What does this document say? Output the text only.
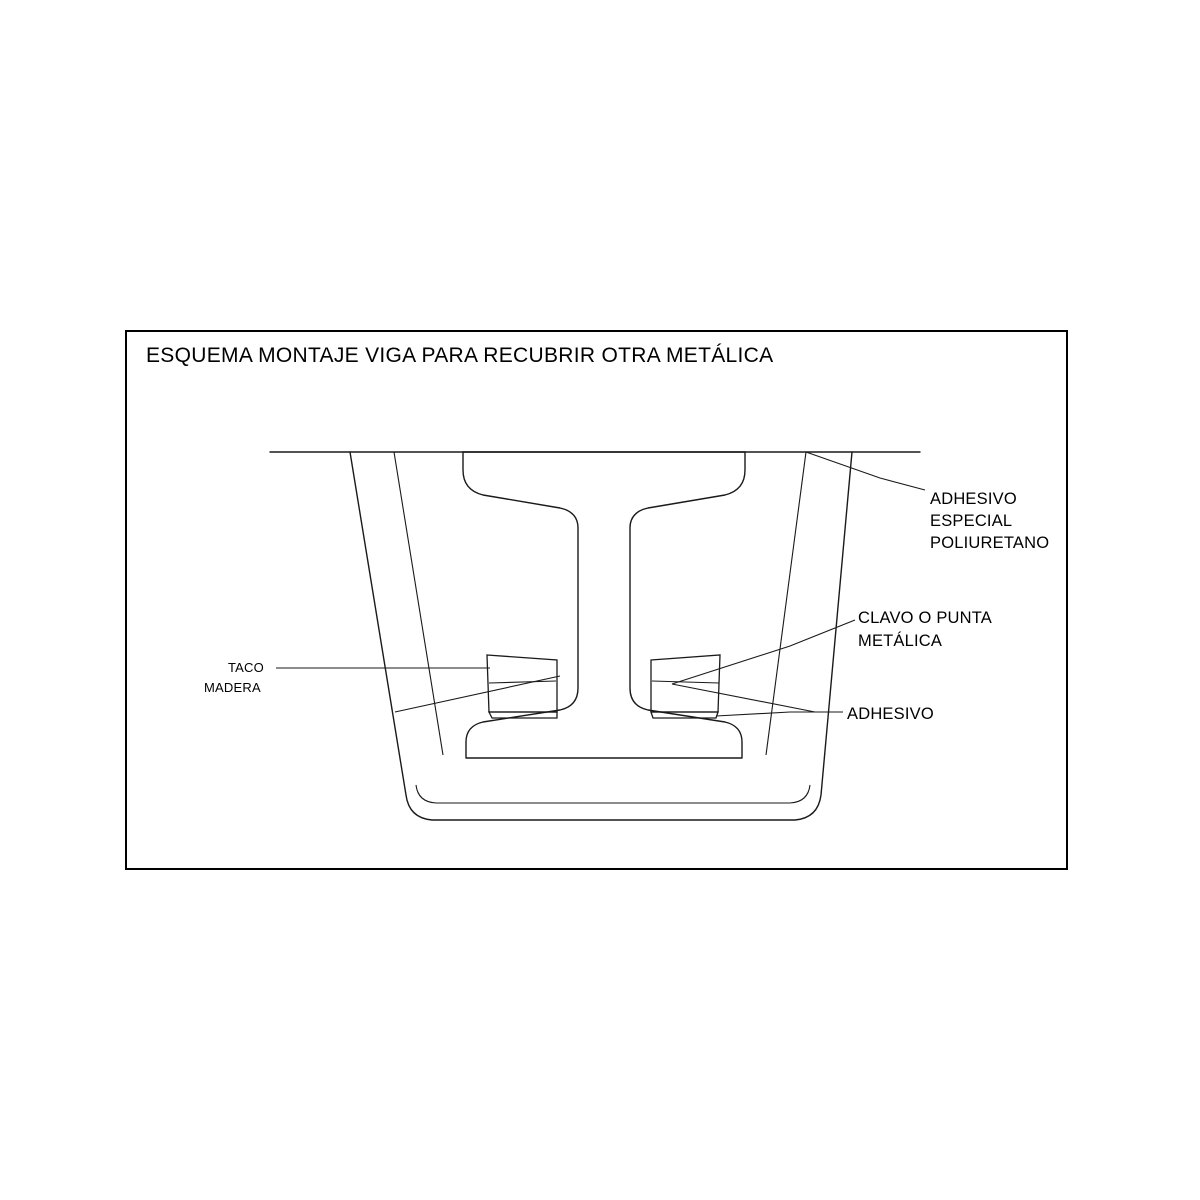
ESQUEMA MONTAJE VIGA PARA RECUBRIR OTRA METÁLICA
ADHESIVO
ESPECIAL
POLIURETANO
CLAVO O PUNTA
METÁLICA
ADHESIVO
TACO
MADERA
